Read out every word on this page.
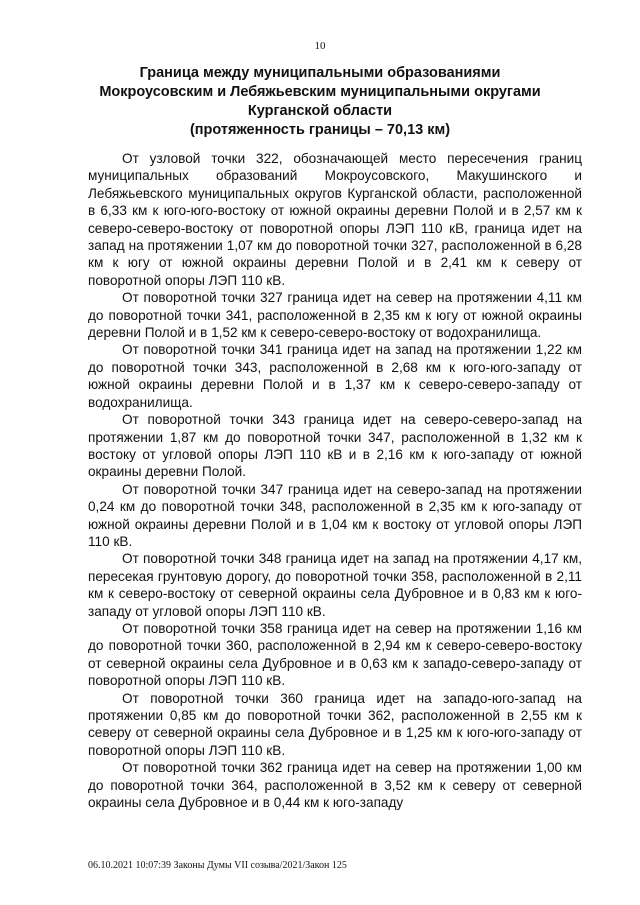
10
Граница между муниципальными образованиями
Мокроусовским и Лебяжьевским муниципальными округами
Курганской области
(протяженность границы – 70,13 км)

От узловой точки 322, обозначающей место пересечения границ муниципальных образований Мокроусовского, Макушинского и Лебяжьевского муниципальных округов Курганской области, расположенной в 6,33 км к юго-юго-востоку от южной окраины деревни Полой и в 2,57 км к северо-северо-востоку от поворотной опоры ЛЭП 110 кВ, граница идет на запад на протяжении 1,07 км до поворотной точки 327, расположенной в 6,28 км к югу от южной окраины деревни Полой и в 2,41 км к северу от поворотной опоры ЛЭП 110 кВ.

От поворотной точки 327 граница идет на север на протяжении 4,11 км до поворотной точки 341, расположенной в 2,35 км к югу от южной окраины деревни Полой и в 1,52 км к северо-северо-востоку от водохранилища.

От поворотной точки 341 граница идет на запад на протяжении 1,22 км до поворотной точки 343, расположенной в 2,68 км к юго-юго-западу от южной окраины деревни Полой и в 1,37 км к северо-северо-западу от водохранилища.

От поворотной точки 343 граница идет на северо-северо-запад на протяжении 1,87 км до поворотной точки 347, расположенной в 1,32 км к востоку от угловой опоры ЛЭП 110 кВ и в 2,16 км к юго-западу от южной окраины деревни Полой.

От поворотной точки 347 граница идет на северо-запад на протяжении 0,24 км до поворотной точки 348, расположенной в 2,35 км к юго-западу от южной окраины деревни Полой и в 1,04 км к востоку от угловой опоры ЛЭП 110 кВ.

От поворотной точки 348 граница идет на запад на протяжении 4,17 км, пересекая грунтовую дорогу, до поворотной точки 358, расположенной в 2,11 км к северо-востоку от северной окраины села Дубровное и в 0,83 км к юго-западу от угловой опоры ЛЭП 110 кВ.

От поворотной точки 358 граница идет на север на протяжении 1,16 км до поворотной точки 360, расположенной в 2,94 км к северо-северо-востоку от северной окраины села Дубровное и в 0,63 км к западо-северо-западу от поворотной опоры ЛЭП 110 кВ.

От поворотной точки 360 граница идет на западо-юго-запад на протяжении 0,85 км до поворотной точки 362, расположенной в 2,55 км к северу от северной окраины села Дубровное и в 1,25 км к юго-юго-западу от поворотной опоры ЛЭП 110 кВ.

От поворотной точки 362 граница идет на север на протяжении 1,00 км до поворотной точки 364, расположенной в 3,52 км к северу от северной окраины села Дубровное и в 0,44 км к юго-западу

06.10.2021 10:07:39 Законы Думы VII созыва/2021/Закон 125
